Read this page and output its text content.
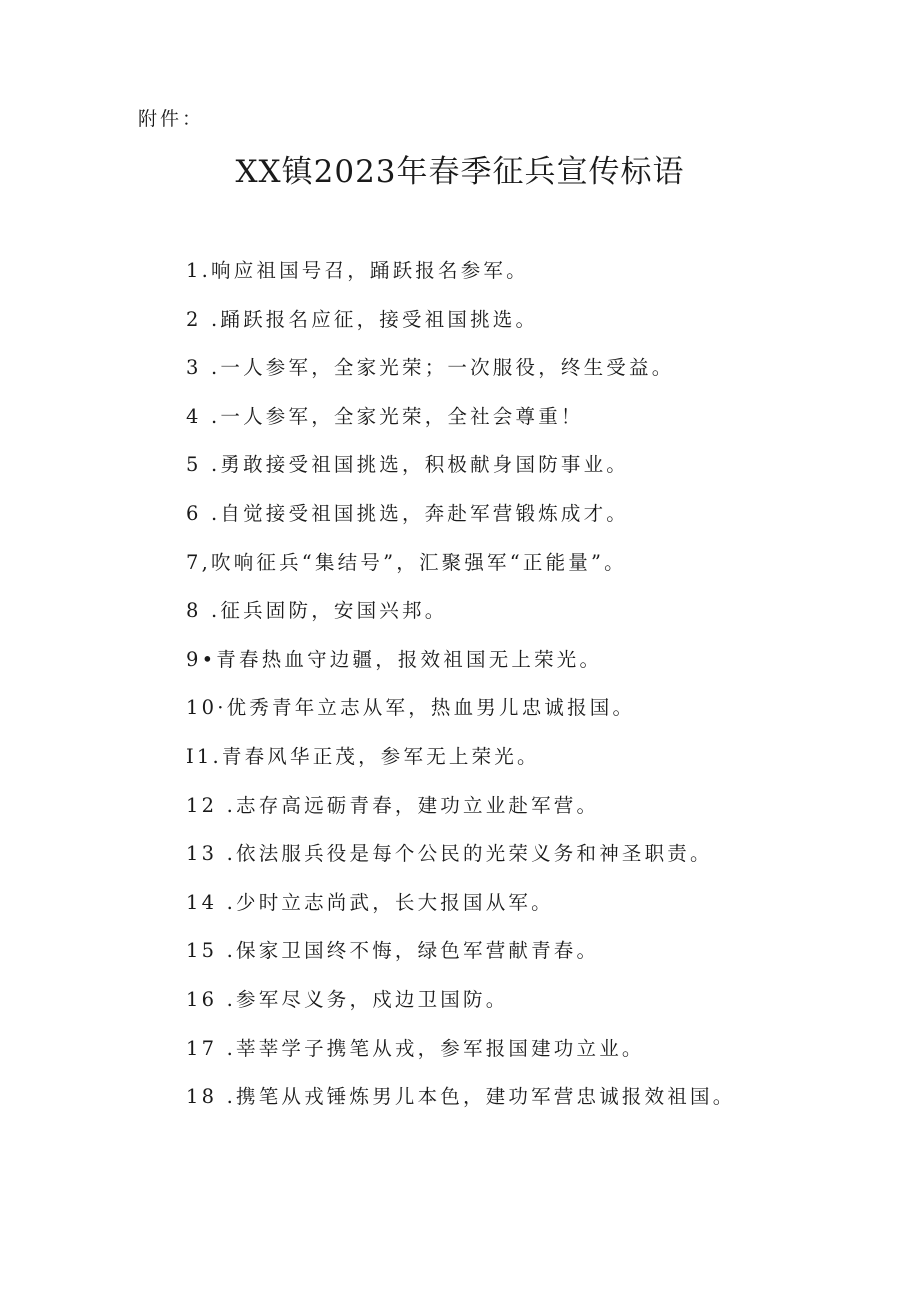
附件：
XX镇2023年春季征兵宣传标语
1.响应祖国号召，踊跃报名参军。
2 .踊跃报名应征，接受祖国挑选。
3 .一人参军，全家光荣；一次服役，终生受益。
4 .一人参军，全家光荣，全社会尊重！
5 .勇敢接受祖国挑选，积极献身国防事业。
6 .自觉接受祖国挑选，奔赴军营锻炼成才。
7,吹响征兵“集结号”，汇聚强军“正能量”。
8 .征兵固防，安国兴邦。
9•青春热血守边疆，报效祖国无上荣光。
10·优秀青年立志从军，热血男儿忠诚报国。
I1.青春风华正茂，参军无上荣光。
12 .志存高远砺青春，建功立业赴军营。
13 .依法服兵役是每个公民的光荣义务和神圣职责。
14 .少时立志尚武，长大报国从军。
15 .保家卫国终不悔，绿色军营献青春。
16 .参军尽义务，戍边卫国防。
17 .莘莘学子携笔从戎，参军报国建功立业。
18 .携笔从戎锤炼男儿本色，建功军营忠诚报效祖国。
